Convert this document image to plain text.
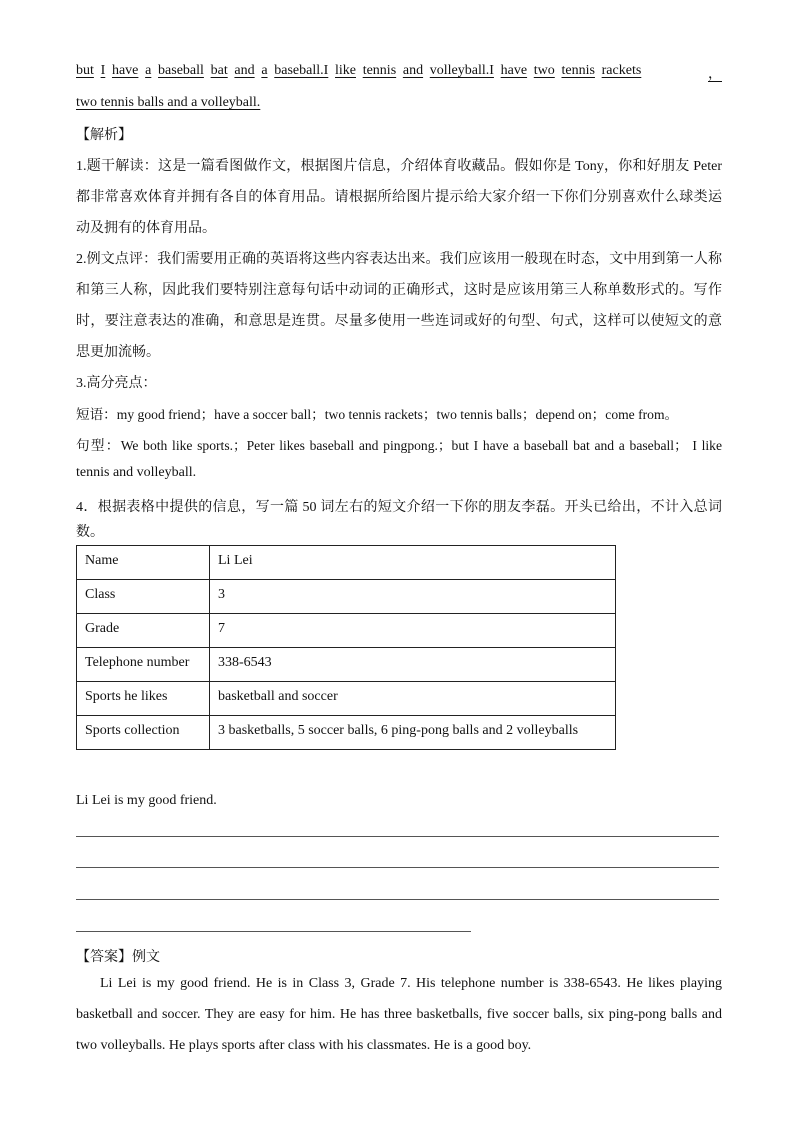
but I have a baseball bat and a baseball.I like tennis and volleyball.I have two tennis rackets	，
two tennis balls and a volleyball.
【解析】
1.题干解读：这是一篇看图做作文，根据图片信息，介绍体育收藏品。假如你是 Tony，你和好朋友 Peter
都非常喜欢体育并拥有各自的体育用品。请根据所给图片提示给大家介绍一下你们分别喜欢什么球类运
动及拥有的体育用品。
2.例文点评：我们需要用正确的英语将这些内容表达出来。我们应该用一般现在时态，文中用到第一人称
和第三人称，因此我们要特别注意每句话中动词的正确形式，这时是应该用第三人称单数形式的。写作
时，要注意表达的准确，和意思是连贯。尽量多使用一些连词或好的句型、句式，这样可以使短文的意
思更加流畅。
3.高分亮点：
短语：my good friend；have a soccer ball；two tennis rackets；two tennis balls；depend on；come from。
句型：We both like sports.；Peter likes baseball and pingpong.；but I have a baseball bat and a baseball； I like
tennis and volleyball.
4．根据表格中提供的信息，写一篇 50 词左右的短文介绍一下你的朋友李磊。开头已给出，不计入总词
数。
Name	Li Lei
Class	3
Grade	7
Telephone number	338-6543
Sports he likes	basketball and soccer
Sports collection	3 basketballs, 5 soccer balls, 6 ping-pong balls and 2 volleyballs
Li Lei is my good friend.
【答案】例文
Li Lei is my good friend. He is in Class 3, Grade 7. His telephone number is 338-6543. He likes playing
basketball and soccer. They are easy for him. He has three basketballs, five soccer balls, six ping-pong balls and
two volleyballs. He plays sports after class with his classmates. He is a good boy.
